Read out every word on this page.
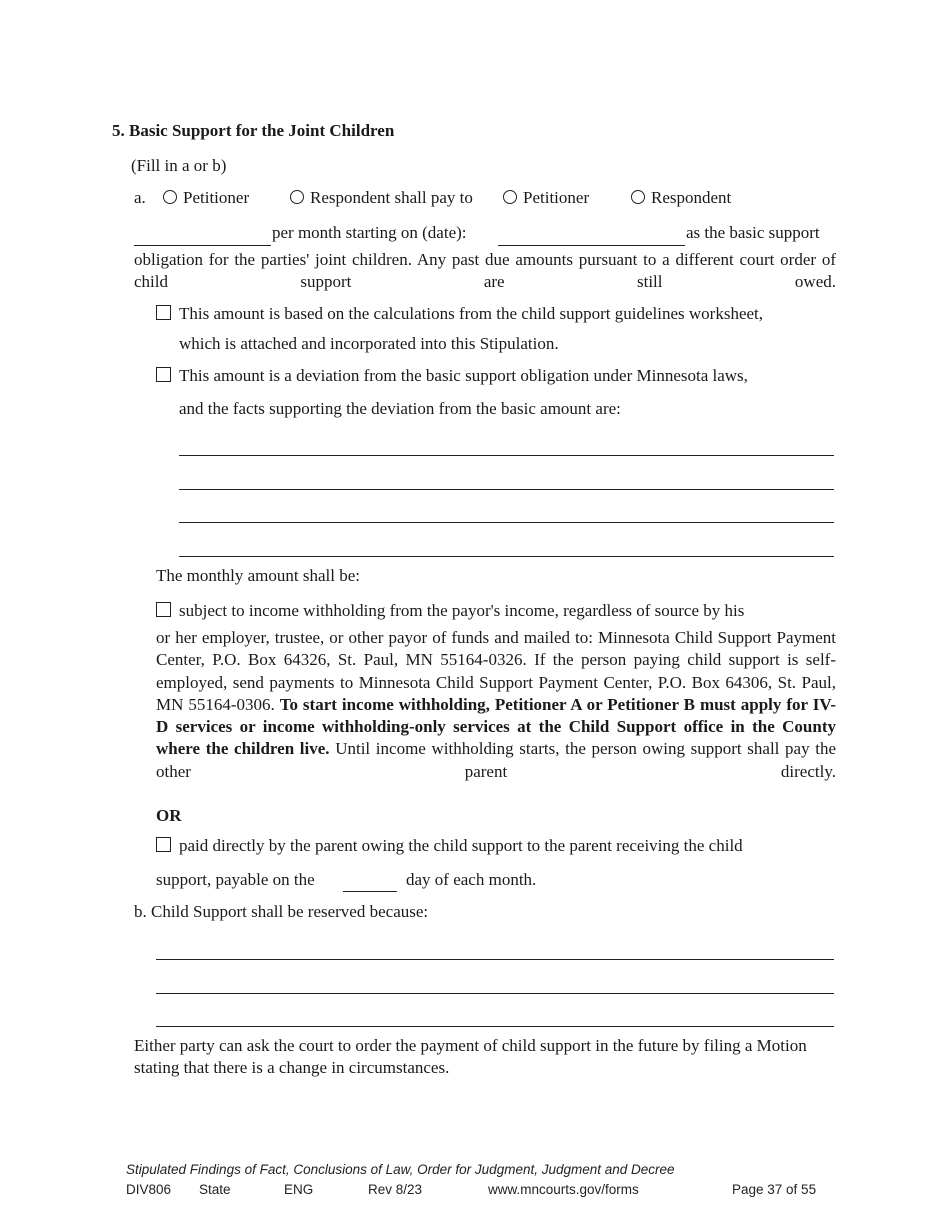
5. Basic Support for the Joint Children
(Fill in a or b)
a.	Petitioner	Respondent shall pay to	Petitioner	Respondent
per month starting on (date):	as the basic support
obligation for the parties' joint children. Any past due amounts pursuant to a different court order of child support are still owed.
This amount is based on the calculations from the child support guidelines worksheet,
which is attached and incorporated into this Stipulation.
This amount is a deviation from the basic support obligation under Minnesota laws,
and the facts supporting the deviation from the basic amount are:
The monthly amount shall be:
subject to income withholding from the payor's income, regardless of source by his
or her employer, trustee, or other payor of funds and mailed to: Minnesota Child Support Payment Center, P.O. Box 64326, St. Paul, MN 55164-0326. If the person paying child support is self-employed, send payments to Minnesota Child Support Payment Center, P.O. Box 64306, St. Paul, MN 55164-0306. To start income withholding, Petitioner A or Petitioner B must apply for IV-D services or income withholding-only services at the Child Support office in the County where the children live. Until income withholding starts, the person owing support shall pay the other parent directly.
OR
paid directly by the parent owing the child support to the parent receiving the child
support, payable on the	day of each month.
b. Child Support shall be reserved because:
Either party can ask the court to order the payment of child support in the future by filing a Motion stating that there is a change in circumstances.
Stipulated Findings of Fact, Conclusions of Law, Order for Judgment, Judgment and Decree
DIV806 State	ENG	Rev 8/23	www.mncourts.gov/forms	Page 37 of 55
